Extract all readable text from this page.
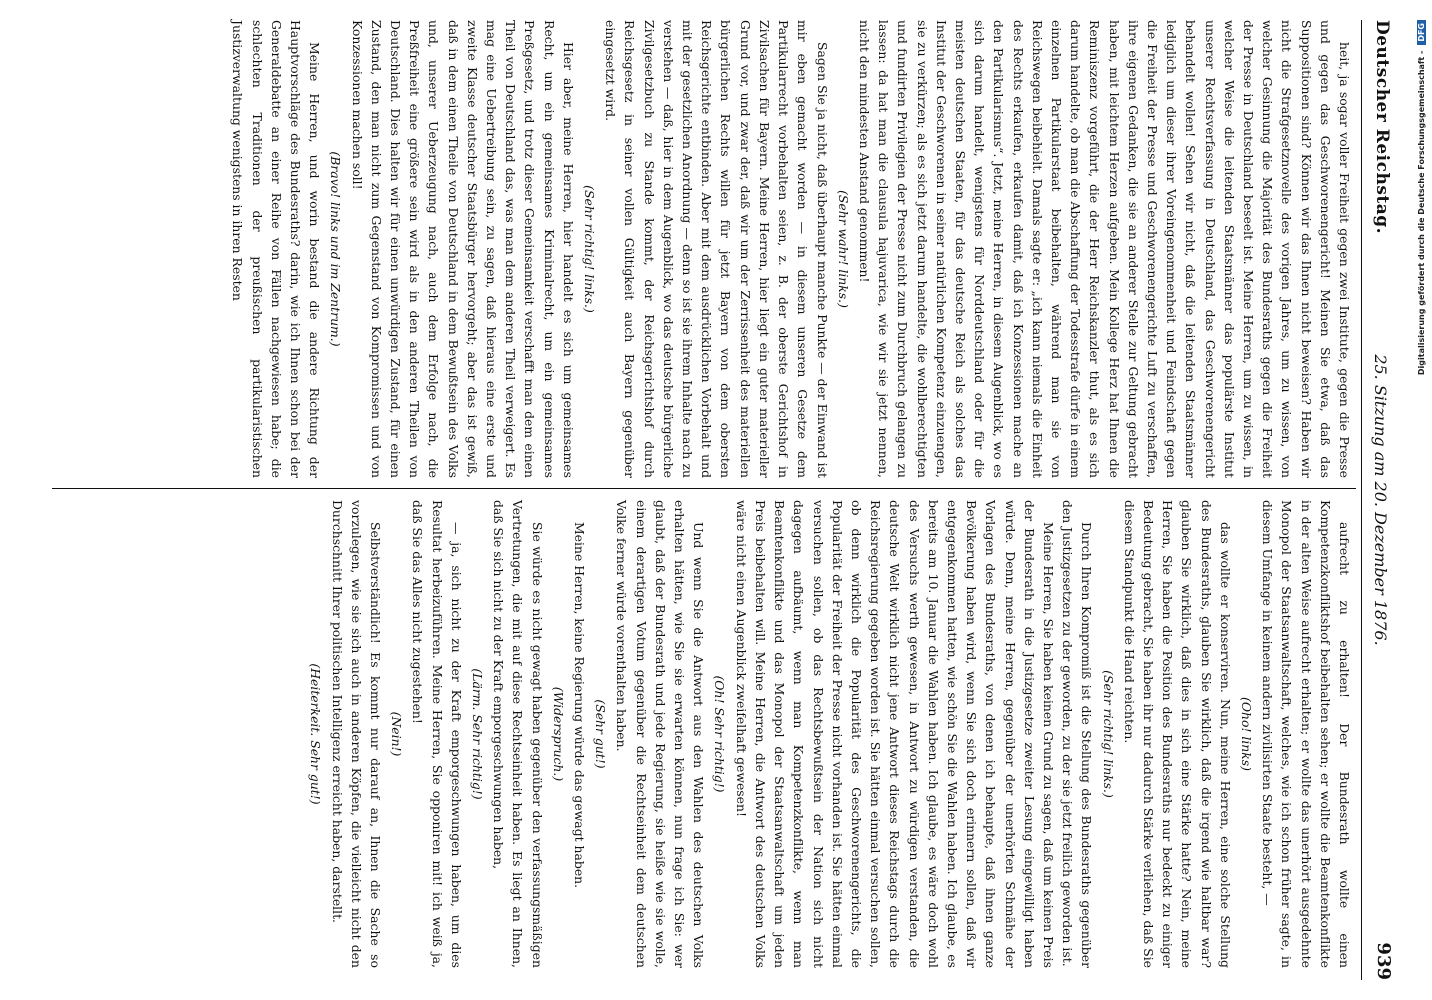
Deutscher Reichstag.
25. Sitzung am 20. Dezember 1876.
939

heit, ja sogar voller Freiheit gegen zwei Institute, gegen die Presse und gegen das Geschworenengericht! Meinen Sie etwa, daß das Suppositionen sind? Können wir das Ihnen nicht beweisen? Haben wir nicht die Strafgesetznovelle des vorigen Jahres, um zu wissen, von welcher Gesinnung die Majorität des Bundesraths gegen die Freiheit der Presse in Deutschland beseelt ist. Meine Herren, um zu wissen, in welcher Weise die leitenden Staatsmänner das populärste Institut unserer Rechtsverfassung in Deutschland, das Geschworenengericht behandelt wollen! Sehen wir nicht, daß die leitenden Staatsmänner lediglich um dieser ihrer Voreingenommenheit und Feindschaft gegen die Freiheit der Presse und Geschworenengerichte Luft zu verschaffen, ihre eigenen Gedanken, die sie an anderer Stelle zur Geltung gebracht haben, mit leichtem Herzen aufgeben. Mein Kollege Herz hat Ihnen die Reminiszenz vorgeführt, die der Herr Reichskanzler thut, als es sich darum handelte, ob man die Abschaffung der Todesstrafe dürfe in einem einzelnen Partikularstaat beibehalten, während man sie von Reichswegen beibehielt. Damals sagte er: „ich kann niemals die Einheit des Rechts erkaufen, erkaufen damit, daß ich Konzessionen mache an den Partikularismus“. Jetzt, meine Herren, in diesem Augenblick, wo es sich darum handelt, wenigstens für Norddeutschland oder für die meisten deutschen Staaten, für das deutsche Reich als solches das Institut der Geschworenen in seiner natürlichen Kompetenz einzuengen, sie zu verkürzen; als es sich jetzt darum handelte, die wohlberechtigten und fundirten Privilegien der Presse nicht zum Durchbruch gelangen zu lassen: da hat man die clausula hajuvarica, wie wir sie jetzt nennen, nicht den mindesten Anstand genommen!

(Sehr wahr! links.)

Sagen Sie ja nicht, daß überhaupt manche Punkte — der Einwand ist mir eben gemacht worden — in diesem unseren Gesetze dem Partikularrecht vorbehalten seien, z. B. der oberste Gerichtshof in Zivilsachen für Bayern. Meine Herren, hier liegt ein guter materieller Grund vor, und zwar der, daß wir um der Zerrissenheit des materiellen bürgerlichen Rechts willen für jetzt Bayern von dem obersten Reichsgerichte entbinden. Aber mit dem ausdrücklichen Vorbehalt und mit der gesetzlichen Anordnung — denn so ist sie ihrem Inhalte nach zu verstehen — daß, hier in dem Augenblick, wo das deutsche bürgerliche Zivilgesetzbuch zu Stande kommt, der Reichsgerichtshof durch Reichsgesetz in seiner vollen Gültigkeit auch Bayern gegenüber eingesetzt wird.

(Sehr richtig! links.)

Hier aber, meine Herren, hier handelt es sich um gemeinsames Recht, um ein gemeinsames Kriminalrecht, um ein gemeinsames Preßgesetz, und trotz dieser Gemeinsamkeit verschafft man dem einen Theil von Deutschland das, was man dem anderen Theil verweigert. Es mag eine Uebertreibung sein, zu sagen, daß hieraus eine erste und zweite Klasse deutscher Staatsbürger hervorgeht; aber das ist gewiß, daß in dem einen Theile von Deutschland in dem Bewußtsein des Volks und, unserer Ueberzeugung nach, auch dem Erfolge nach, die Preßfreiheit eine größere sein wird als in den anderen Theilen von Deutschland. Dies halten wir für einen unwürdigen Zustand, für einen Zustand, den man nicht zum Gegenstand von Kompromissen und von Konzessionen machen soll!

(Bravo! links und im Zentrum.)

Meine Herren, und worin bestand die andere Richtung der Hauptvorschläge des Bundesraths? darin, wie ich Ihnen schon bei der Generaldebatte an einer Reihe von Fällen nachgewiesen habe; die schlechten Traditionen der preußischen partikularistischen Justizverwaltung wenigstens in ihren Resten

aufrecht zu erhalten! Der Bundesrath wollte einen Kompetenzkonfliktshof beibehalten sehen; er wollte die Beamtenkonflikte in der alten Weise aufrecht erhalten; er wollte das unerhört ausgedehnte Monopol der Staatsanwaltschaft, welches, wie ich schon früher sagte, in diesem Umfange in keinem andern zivilisirten Staate besteht, —

(Oho! links)

das wollte er konserviren. Nun, meine Herren, eine solche Stellung des Bundesraths, glauben Sie wirklich, daß die irgend wie haltbar war? glauben Sie wirklich, daß dies in sich eine Stärke hatte? Nein, meine Herren, Sie haben die Position des Bundesraths nur bedeckt zu einiger Bedeutung gebracht, Sie haben ihr nur dadurch Stärke verliehen, daß Sie diesem Standpunkt die Hand reichten.

(Sehr richtig! links.)

Durch Ihren Kompromiß ist die Stellung des Bundesraths gegenüber den Justizgesetzen zu der geworden, zu der sie jetzt freilich geworden ist.

Meine Herren, Sie haben keinen Grund zu sagen, daß um keinen Preis der Bundesrath in die Justizgesetze zweiter Lesung eingewilligt haben würde. Denn, meine Herren, gegenüber der unerhörten Schmähe der Vorlagen des Bundesraths, von denen ich behaupte, daß ihnen ganze Bevölkerung haben wird, wenn Sie sich doch erinnern sollen, daß wir entgegenkommen hatten, wie schön Sie die Wahlen haben. Ich glaube, es bereits am 10. Januar die Wahlen haben. Ich glaube, es wäre doch wohl des Versuchs werth gewesen, in Antwort zu würdigen verstanden, die deutsche Welt wirklich nicht jene Antwort dieses Reichstags durch die Reichsregierung gegeben worden ist. Sie hätten einmal versuchen sollen, ob denn wirklich die Popularität des Geschworenengerichts, die Popularität der Freiheit der Presse nicht vorhanden ist. Sie hätten einmal versuchen sollen, ob das Rechtsbewußtsein der Nation sich nicht dagegen aufbäumt, wenn man Kompetenzkonflikte, wenn man Beamtenkonflikte und das Monopol der Staatsanwaltschaft um jeden Preis beibehalten will. Meine Herren, die Antwort des deutschen Volks wäre nicht einen Augenblick zweifelhaft gewesen!

(Oh! Sehr richtig!)

Und wenn Sie die Antwort aus den Wahlen des deutschen Volks erhalten hätten, wie Sie sie erwarten können, nun frage ich Sie: wer glaubt, daß der Bundesrath und jede Regierung, sie heiße wie sie wolle, einem derartigen Votum gegenüber die Rechtseinheit dem deutschen Volke ferner würde vorenthalten haben.

(Sehr gut!)

Meine Herren, keine Regierung würde das gewagt haben.

(Widerspruch.)

Sie würde es nicht gewagt haben gegenüber den verfassungsmäßigen Vertretungen, die mit auf diese Rechtseinheit haben. Es liegt an Ihnen, daß Sie sich nicht zu der Kraft emporgeschwungen haben,

(Lärm. Sehr richtig!)

— ja, sich nicht zu der Kraft emporgeschwungen haben, um dies Resultat herbeizuführen. Meine Herren, Sie opponiren mit! ich weiß ja, daß Sie das Alles nicht zugestehen!

(Nein!)

Selbstverständlich! Es kommt nur darauf an, Ihnen die Sache so vorzulegen, wie sie sich auch in anderen Köpfen, die vielleicht nicht den Durchschnitt Ihrer politischen Intelligenz erreicht haben, darstellt.

(Heiterkeit. Sehr gut!)

Digitalisierung gefördert durch die Deutsche Forschungsgemeinschaft -DFG
